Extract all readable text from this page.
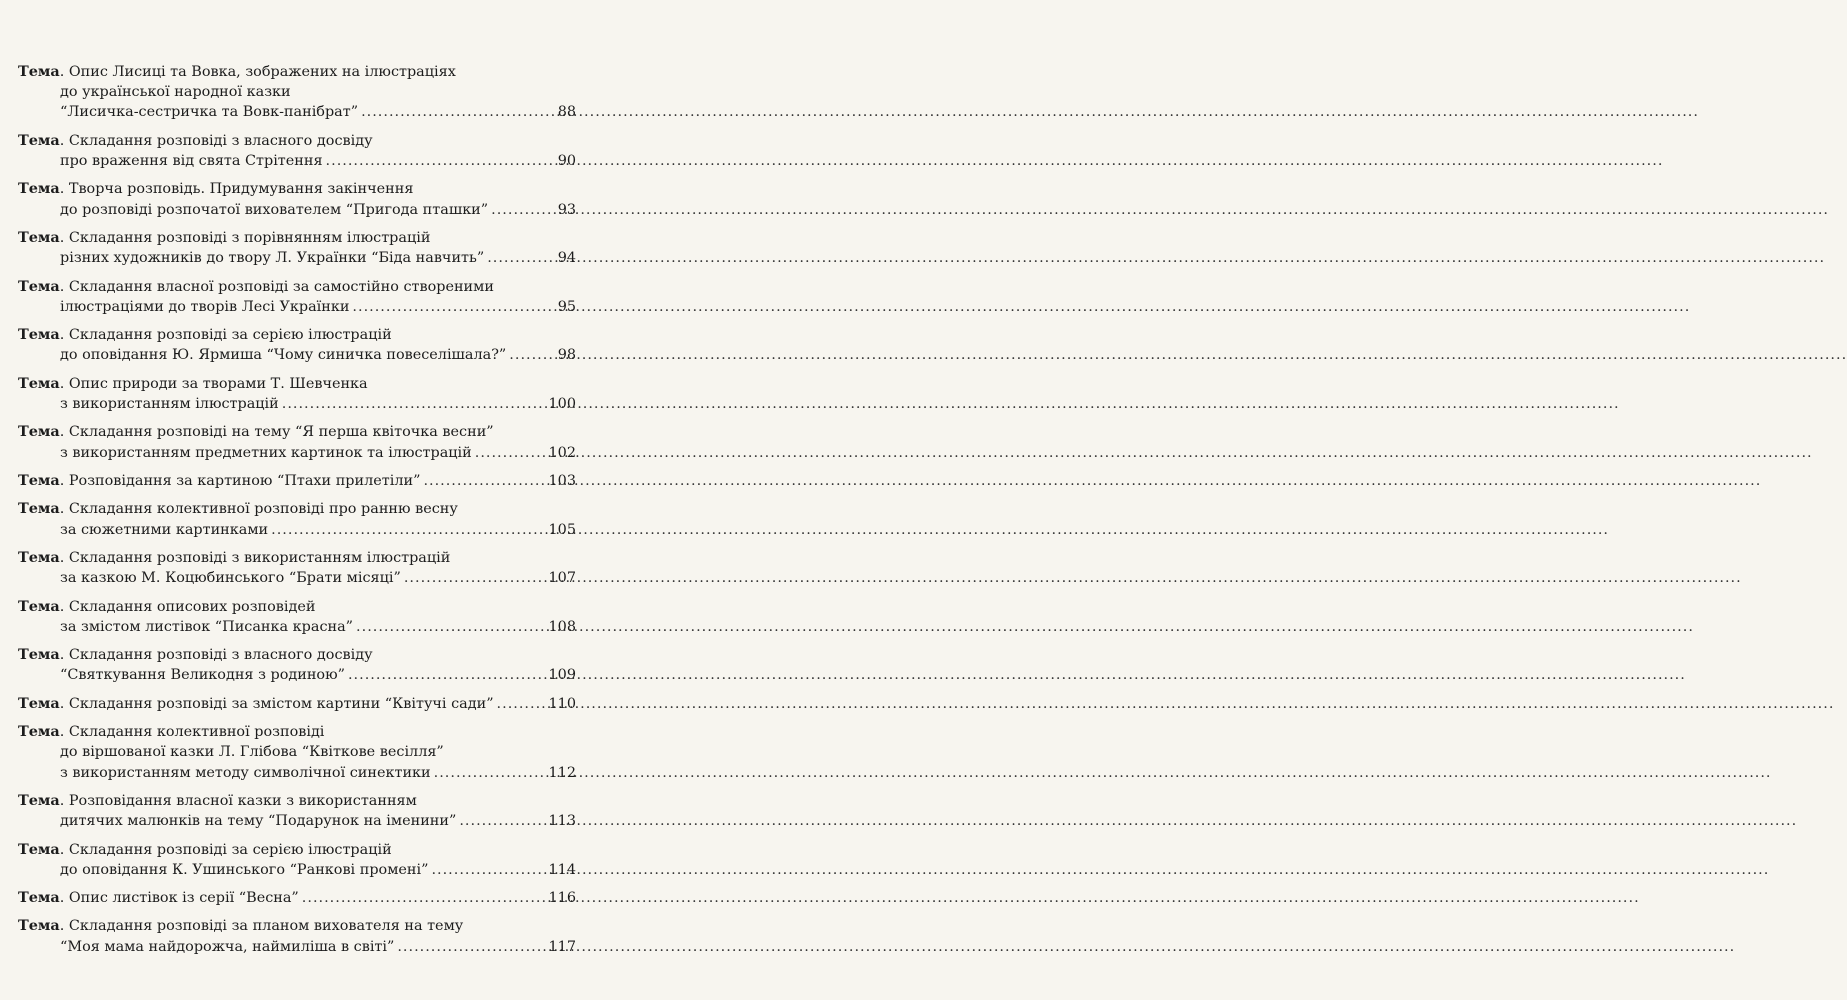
Тема . Опис Лисиці та Вовка, зображених на ілюстраціях
до української народної казки
“Лисичка-сестричка та Вовк-панібрат” .....	88
Тема . Складання розповіді з власного досвіду
про враження від свята Стрітення .....	90
Тема . Творча розповідь. Придумування закінчення
до розповіді розпочатої вихователем “Пригода пташки” .....	93
Тема . Складання розповіді з порівнянням ілюстрацій
різних художників до твору Л. Українки “Біда навчить” .....	94
Тема . Складання власної розповіді за самостійно створеними
ілюстраціями до творів Лесі Українки .....	95
Тема . Складання розповіді за серією ілюстрацій
до оповідання Ю. Ярмиша “Чому синичка повеселішала?” .....	98
Тема . Опис природи за творами Т. Шевченка
з використанням ілюстрацій .....	100
Тема . Складання розповіді на тему “Я перша квіточка весни”
з використанням предметних картинок та ілюстрацій .....	102
Тема . Розповідання за картиною “Птахи прилетіли” .....	103
Тема . Складання колективної розповіді про ранню весну
за сюжетними картинками .....	105
Тема . Складання розповіді з використанням ілюстрацій
за казкою М. Коцюбинського “Брати місяці” .....	107
Тема . Складання описових розповідей
за змістом листівок “Писанка красна” .....	108
Тема . Складання розповіді з власного досвіду
“Святкування Великодня з родиною” .....	109
Тема . Складання розповіді за змістом картини “Квітучі сади” .....	110
Тема . Складання колективної розповіді
до віршованої казки Л. Глібова “Квіткове весілля”
з використанням методу символічної синектики .....	112
Тема . Розповідання власної казки з використанням
дитячих малюнків на тему “Подарунок на іменини” .....	113
Тема . Складання розповіді за серією ілюстрацій
до оповідання К. Ушинського “Ранкові промені” .....	114
Тема . Опис листівок із серії “Весна” .....	116
Тема . Складання розповіді за планом вихователя на тему
“Моя мама найдорожча, наймиліша в світі” .....	117
